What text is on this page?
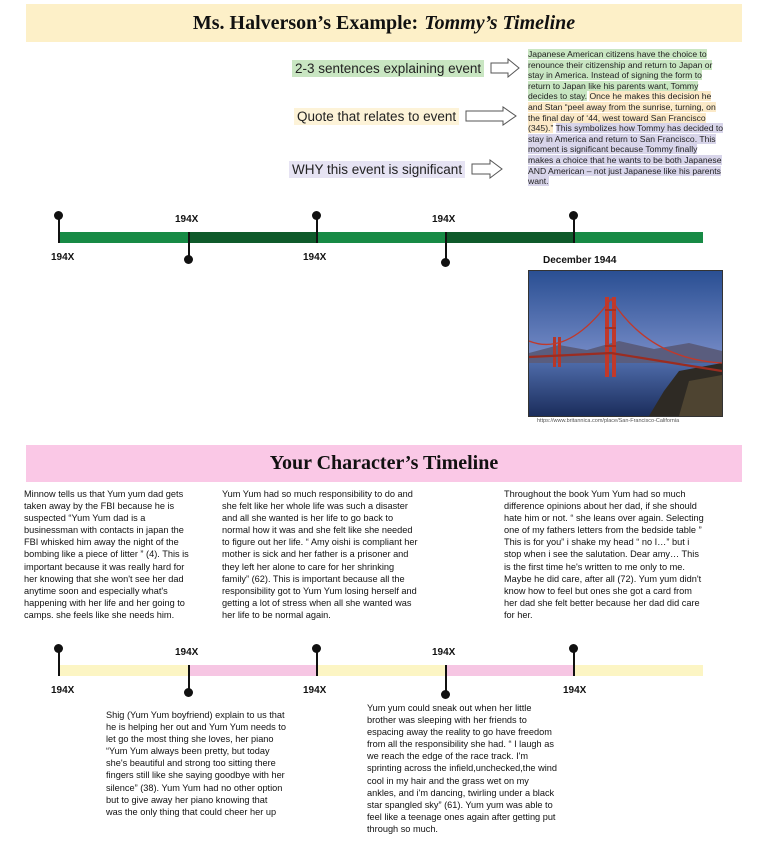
Ms. Halverson’s Example: Tommy’s Timeline
2-3 sentences explaining event
Quote that relates to event
WHY this event is significant
Japanese American citizens have the choice to renounce their citizenship and return to Japan or stay in America. Instead of signing the form to return to Japan like his parents want, Tommy decides to stay. Once he makes this decision he and Stan “peel away from the sunrise, turning, on the final day of ‘44, west toward San Francisco (345).” This symbolizes how Tommy has decided to stay in America and return to San Francisco. This moment is significant because Tommy finally makes a choice that he wants to be both Japanese AND American – not just Japanese like his parents want.
194X
194X
194X
194X
December 1944
https://www.britannica.com/place/San-Francisco-California
Your Character’s Timeline
Minnow tells us that Yum yum dad gets taken away by the FBI because he is suspected “Yum Yum dad is a businessman with contacts in japan the FBI whisked him away the night of the bombing like a piece of litter ” (4). This is important because it was really hard for her knowing that she won't see her dad anytime soon and especially what's happening with her life and her going to camps. she feels like she needs him.
Yum Yum had so much responsibility to do and she felt like her whole life was such a disaster and all she wanted is her life to go back to normal how it was and she felt like she needed to figure out her life. “ Amy oishi is compliant her mother is sick and her father is a prisoner and they left her alone to care for her shrinking family” (62). This is important because all the responsibility got to Yum Yum losing herself and getting a lot of stress when all she wanted was her life to be normal again.
Throughout the book Yum Yum had so much difference opinions about her dad, if she should hate him or not. “ she leans over again. Selecting one of my fathers letters from the bedside table ” This is for you” i shake my head “ no I…” but i stop when i see the salutation. Dear amy… This is the first time he's written to me only to me. Maybe he did care, after all (72). Yum yum didn't know how to feel but ones she got a card from her dad she felt better because her dad did care for her.
Shig (Yum Yum boyfriend) explain to us that he is helping her out and Yum Yum needs to let go the most thing she loves, her piano “Yum Yum always been pretty, but today she's beautiful and strong too sitting there fingers still like she saying goodbye with her silence” (38). Yum Yum had no other option but to give away her piano knowing that was the only thing that could cheer her up
Yum yum could sneak out when her little brother was sleeping with her friends to espacing away the reality to go have freedom from all the responsibility she had. “ I laugh as we reach the edge of the race track. I'm sprinting across the infield,unchecked,the wind cool in my hair and the grass wet on my ankles, and i'm dancing, twirling under a black star spangled sky” (61). Yum yum was able to feel like a teenage ones again after getting put through so much.
194X
194X
194X
194X
194X
